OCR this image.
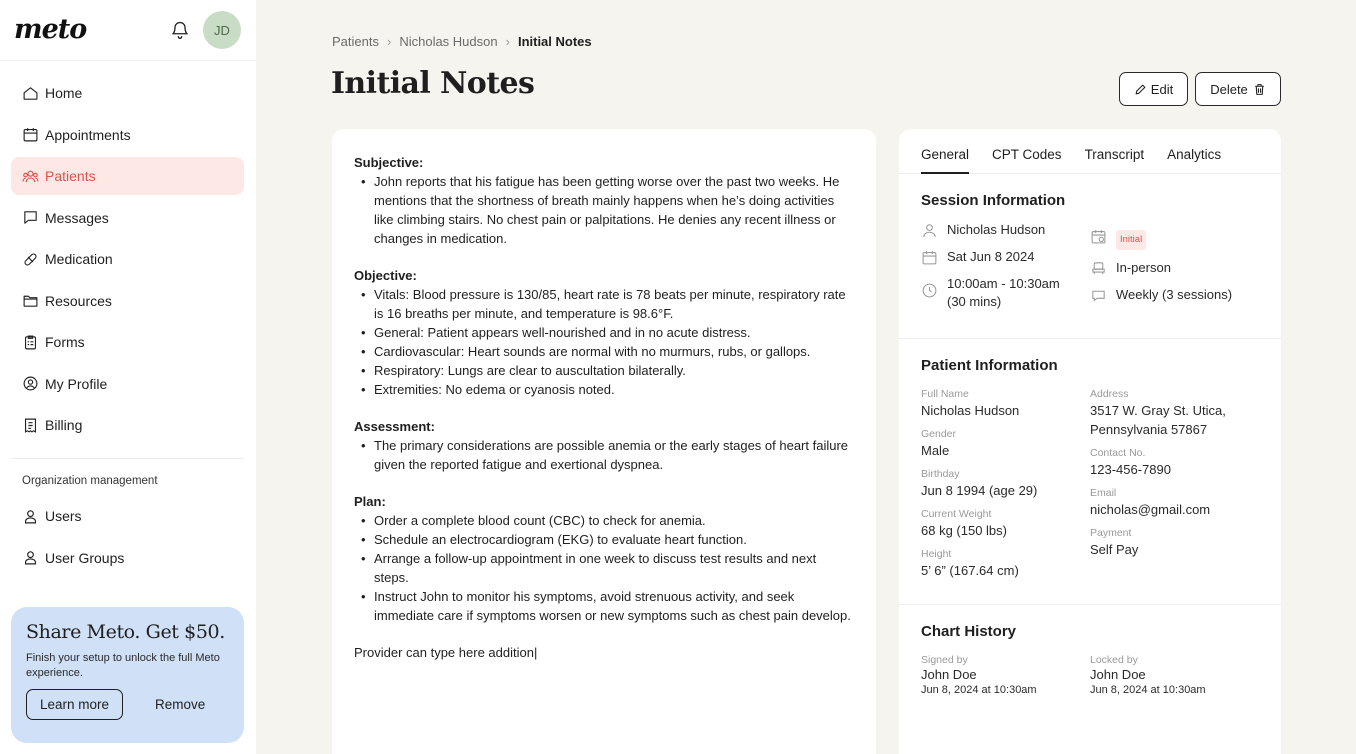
meto	JD
Home
Appointments
Patients
Messages
Medication
Resources
Forms
My Profile
Billing
Organization management
Users
User Groups
Share Meto. Get $50.
Finish your setup to unlock the full Meto experience.
Learn more	Remove
Patients › Nicholas Hudson › Initial Notes
Initial Notes	Edit	Delete
Subjective:
• John reports that his fatigue has been getting worse over the past two weeks. He mentions that the shortness of breath mainly happens when he’s doing activities like climbing stairs. No chest pain or palpitations. He denies any recent illness or changes in medication.
Objective:
• Vitals: Blood pressure is 130/85, heart rate is 78 beats per minute, respiratory rate is 16 breaths per minute, and temperature is 98.6°F.
• General: Patient appears well-nourished and in no acute distress.
• Cardiovascular: Heart sounds are normal with no murmurs, rubs, or gallops.
• Respiratory: Lungs are clear to auscultation bilaterally.
• Extremities: No edema or cyanosis noted.
Assessment:
• The primary considerations are possible anemia or the early stages of heart failure given the reported fatigue and exertional dyspnea.
Plan:
• Order a complete blood count (CBC) to check for anemia.
• Schedule an electrocardiogram (EKG) to evaluate heart function.
• Arrange a follow-up appointment in one week to discuss test results and next steps.
• Instruct John to monitor his symptoms, avoid strenuous activity, and seek immediate care if symptoms worsen or new symptoms such as chest pain develop.
Provider can type here addition|
General CPT Codes Transcript Analytics
Session Information
Nicholas Hudson
Sat Jun 8 2024
10:00am - 10:30am (30 mins)
Initial
In-person
Weekly (3 sessions)
Patient Information
Full Name
Nicholas Hudson
Gender
Male
Birthday
Jun 8 1994 (age 29)
Current Weight
68 kg (150 lbs)
Height
5’ 6” (167.64 cm)
Address
3517 W. Gray St. Utica, Pennsylvania 57867
Contact No.
123-456-7890
Email
nicholas@gmail.com
Payment
Self Pay
Chart History
Signed by
John Doe
Jun 8, 2024 at 10:30am
Locked by
John Doe
Jun 8, 2024 at 10:30am
